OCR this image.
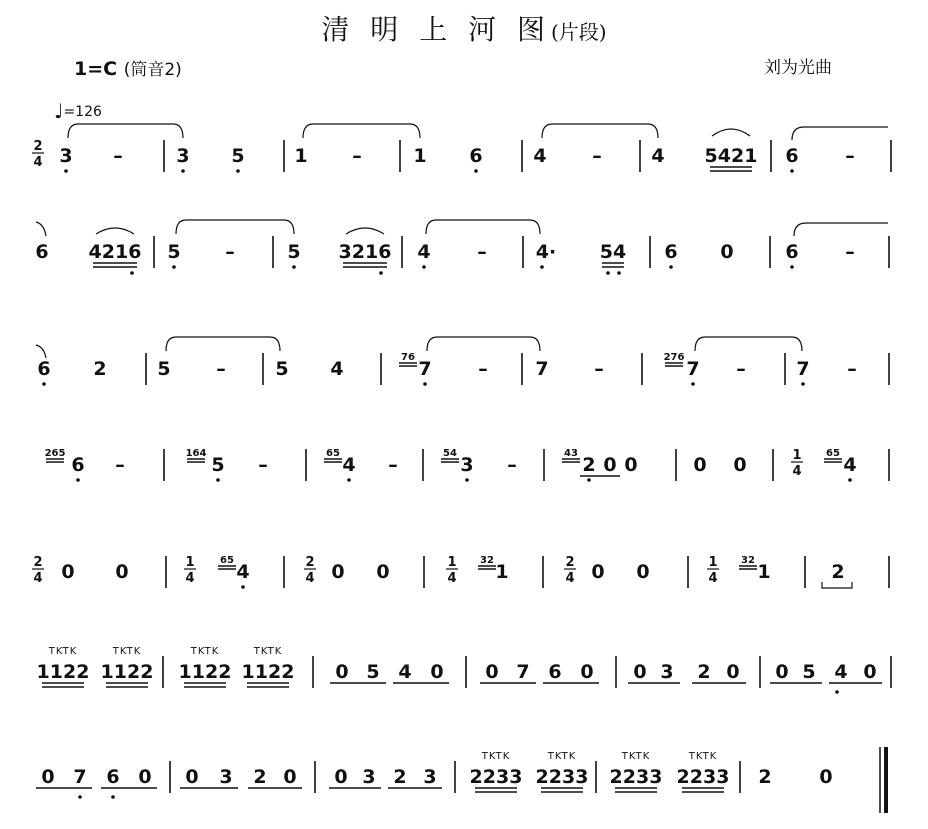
清 明 上 河 图(片段)
1=C (筒音2)	刘为光曲
♩=126
2
4 3 –	3 5	1 –	1 6	4 –	4 5421 6 –
6 4216 5 –	5 3216 4 –	4· 54 6 0	6 –
6 2	5 –	5 4
76
7 –	7 –
276
7 –	7 –
265
6 –
164
5 –
65
4 –
54
3 –
43
2 0 0	0 0	1
4
65
4
2
4 0 0	1
4
65
4	2
4 0 0	1
4
32
1	2
4 0 0	1
4
32
1	2
TKTK
1122
TKTK
1122
TKTK
1122
TKTK
1122 0 5 4 0 0 7 6 0 0 3 2 0 0 5 4 0
0 7 6 0 0 3 2 0 0 3 2 3
TKTK
2233
TKTK
2233
TKTK
2233
TKTK
2233 2	0
